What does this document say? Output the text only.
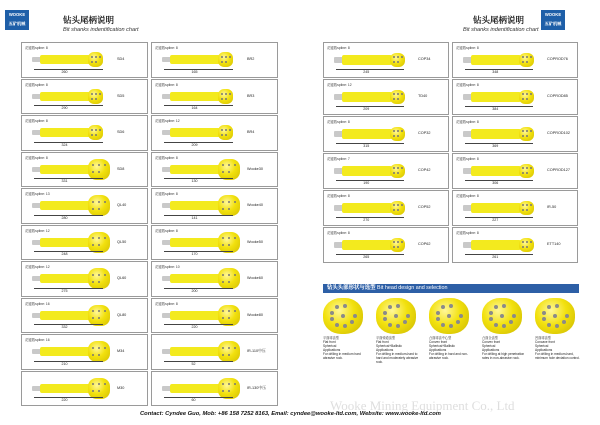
WOOKE
五矿机械	钻头尾柄说明
Bit shanks indentification chart
花键数spline: 8
SD4
260
花键数spline: 8
BR2
165
花键数spline: 8
SD5
290
花键数spline: 8
BR3
164
花键数spline: 8
SD6
324
花键数spline: 12
BR4
209
花键数spline: 8
SD8
331
花键数spline: 8
Wooke30
130
花键数spline: 13
QL40
280
花键数spline: 8
Wooke40
141
花键数spline: 12
QL50
248
花键数spline: 8
Wooke50
170
花键数spline: 12
QL60
275
花键数spline: 10
Wooke60
200
花键数spline: 16
QL80
332
花键数spline: 8
Wooke80
220
花键数spline: 16
M34
210
IR-110中压
52
M30
220
IR-130中压
60
钻头尾柄说明
Bit shanks indentification chart
WOOKE
五矿机械
花键数spline: 8
COP34
245
花键数spline: 8
COPROD76
348
花键数spline: 12
TD40
209
花键数spline: 8
COPROD85
384
花键数spline: 8
COP32
315
花键数spline: 8
COPROD102
369
花键数spline: 7
COP42
190
花键数spline: 8
COPROD127
306
花键数spline: 8
COP52
270
花键数spline: 8
IR-50
227
花键数spline: 8
COP62
265
花键数spline: 8
ETT140
261
钻头头部形状与选型 Bit head design and selection
平面球齿型
Flat front
Spherical
Applications
For drilling in medium hard abrasive rock.
平面弹道齿型
Flat front
Spherical+Ballistic
Applications
For drilling in medium-hard to hard and moderately abrasive rock.
凸面球齿中心型
Convex front
Spherical+Ballistic
Applications
For drilling in hard and non-abrasive rock.
凸面全齿型
Convex front
Spherical
Applications
For drilling at high penetration rates in non-abrasive rock.
凹面球齿型
Concave front
Spherical
Applications
For drilling in medium-hard, minimum hole deviation control.
Contact: Cyndee Guo, Mob: +86 158 7252 8163, Email: cyndee@wooke-ltd.com, Website: www.wooke-ltd.com
Wooke Mining Equipment Co., Ltd
